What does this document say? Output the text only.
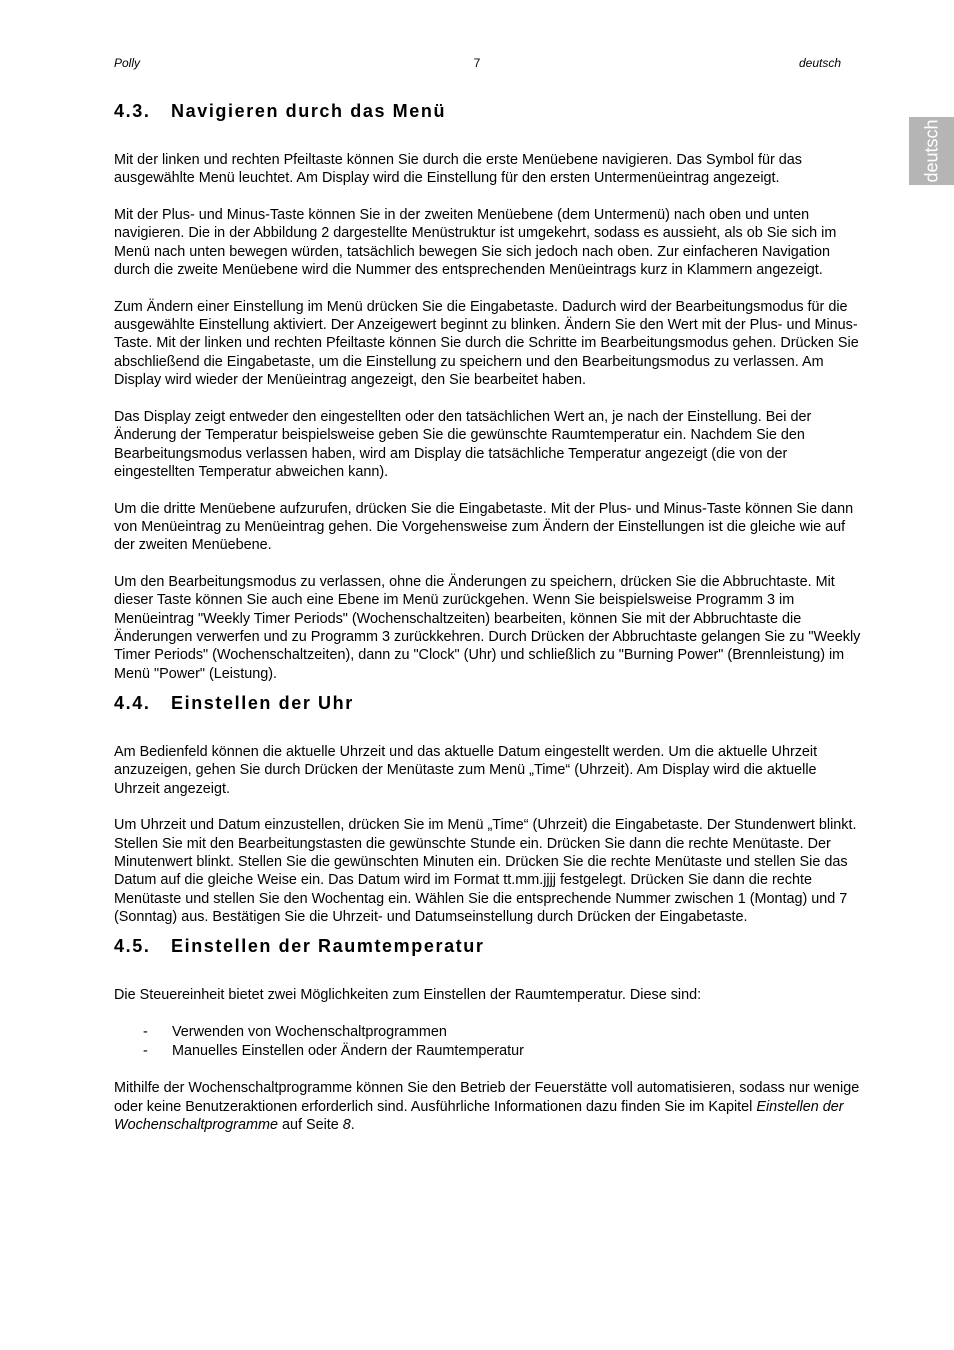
Polly	7	deutsch
deutsch
4.3. Navigieren durch das Menü

Mit der linken und rechten Pfeiltaste können Sie durch die erste Menüebene navigieren. Das Symbol für das ausgewählte Menü leuchtet. Am Display wird die Einstellung für den ersten Untermenüeintrag angezeigt.

Mit der Plus- und Minus-Taste können Sie in der zweiten Menüebene (dem Untermenü) nach oben und unten navigieren. Die in der Abbildung 2 dargestellte Menüstruktur ist umgekehrt, sodass es aussieht, als ob Sie sich im Menü nach unten bewegen würden, tatsächlich bewegen Sie sich jedoch nach oben. Zur einfacheren Navigation durch die zweite Menüebene wird die Nummer des entsprechenden Menüeintrags kurz in Klammern angezeigt.

Zum Ändern einer Einstellung im Menü drücken Sie die Eingabetaste. Dadurch wird der Bearbeitungsmodus für die ausgewählte Einstellung aktiviert. Der Anzeigewert beginnt zu blinken. Ändern Sie den Wert mit der Plus- und Minus-Taste. Mit der linken und rechten Pfeiltaste können Sie durch die Schritte im Bearbeitungsmodus gehen. Drücken Sie abschließend die Eingabetaste, um die Einstellung zu speichern und den Bearbeitungsmodus zu verlassen. Am Display wird wieder der Menüeintrag angezeigt, den Sie bearbeitet haben.

Das Display zeigt entweder den eingestellten oder den tatsächlichen Wert an, je nach der Einstellung. Bei der Änderung der Temperatur beispielsweise geben Sie die gewünschte Raumtemperatur ein. Nachdem Sie den Bearbeitungsmodus verlassen haben, wird am Display die tatsächliche Temperatur angezeigt (die von der eingestellten Temperatur abweichen kann).

Um die dritte Menüebene aufzurufen, drücken Sie die Eingabetaste. Mit der Plus- und Minus-Taste können Sie dann von Menüeintrag zu Menüeintrag gehen. Die Vorgehensweise zum Ändern der Einstellungen ist die gleiche wie auf der zweiten Menüebene.

Um den Bearbeitungsmodus zu verlassen, ohne die Änderungen zu speichern, drücken Sie die Abbruchtaste. Mit dieser Taste können Sie auch eine Ebene im Menü zurückgehen. Wenn Sie beispielsweise Programm 3 im Menüeintrag "Weekly Timer Periods" (Wochenschaltzeiten) bearbeiten, können Sie mit der Abbruchtaste die Änderungen verwerfen und zu Programm 3 zurückkehren. Durch Drücken der Abbruchtaste gelangen Sie zu "Weekly Timer Periods" (Wochenschaltzeiten), dann zu "Clock" (Uhr) und schließlich zu "Burning Power" (Brennleistung) im Menü "Power" (Leistung).

4.4. Einstellen der Uhr

Am Bedienfeld können die aktuelle Uhrzeit und das aktuelle Datum eingestellt werden. Um die aktuelle Uhrzeit anzuzeigen, gehen Sie durch Drücken der Menütaste zum Menü „Time“ (Uhrzeit). Am Display wird die aktuelle Uhrzeit angezeigt.

Um Uhrzeit und Datum einzustellen, drücken Sie im Menü „Time“ (Uhrzeit) die Eingabetaste. Der Stundenwert blinkt. Stellen Sie mit den Bearbeitungstasten die gewünschte Stunde ein. Drücken Sie dann die rechte Menütaste. Der Minutenwert blinkt. Stellen Sie die gewünschten Minuten ein. Drücken Sie die rechte Menütaste und stellen Sie das Datum auf die gleiche Weise ein. Das Datum wird im Format tt.mm.jjjj festgelegt. Drücken Sie dann die rechte Menütaste und stellen Sie den Wochentag ein. Wählen Sie die entsprechende Nummer zwischen 1 (Montag) und 7 (Sonntag) aus. Bestätigen Sie die Uhrzeit- und Datumseinstellung durch Drücken der Eingabetaste.

4.5. Einstellen der Raumtemperatur

Die Steuereinheit bietet zwei Möglichkeiten zum Einstellen der Raumtemperatur. Diese sind:

- Verwenden von Wochenschaltprogrammen
- Manuelles Einstellen oder Ändern der Raumtemperatur

Mithilfe der Wochenschaltprogramme können Sie den Betrieb der Feuerstätte voll automatisieren, sodass nur wenige oder keine Benutzeraktionen erforderlich sind. Ausführliche Informationen dazu finden Sie im Kapitel Einstellen der Wochenschaltprogramme auf Seite 8.
